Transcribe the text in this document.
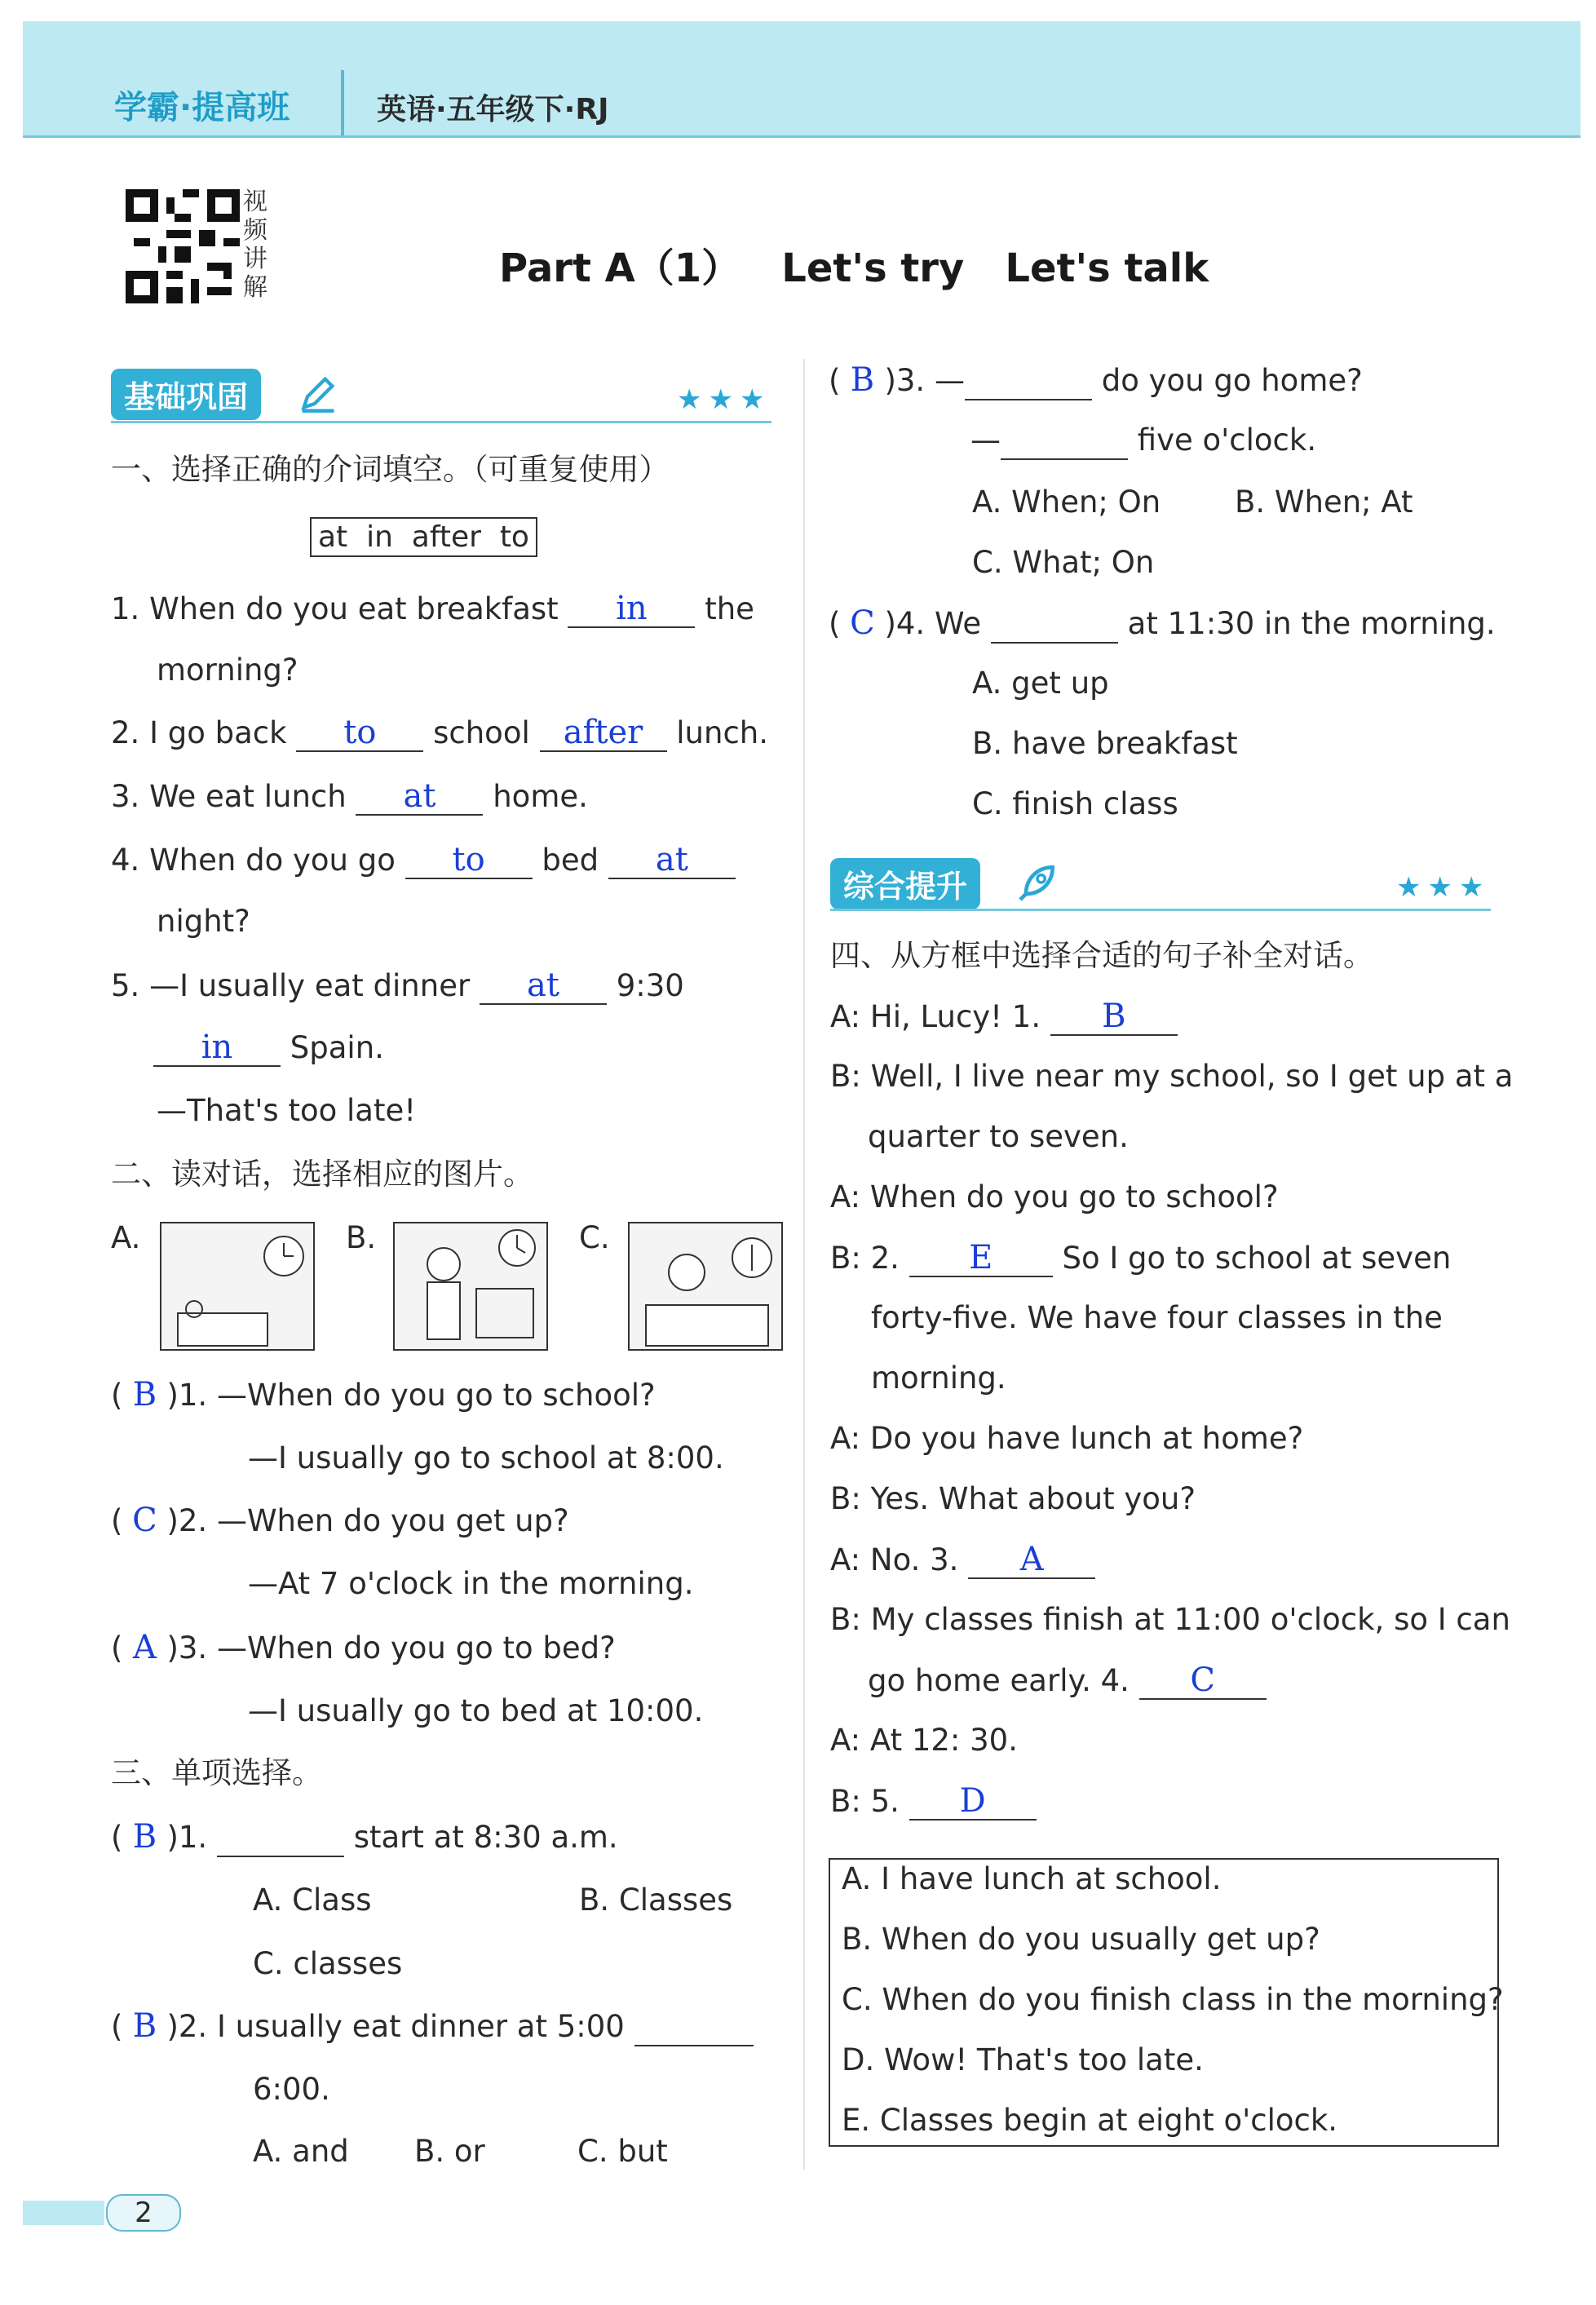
学霸·提高班	英语·五年级下·RJ
视频讲解	Part A（1）   Let's try   Let's talk
基础巩固	★★★
一、选择正确的介词填空。（可重复使用）
at  in  after  to
1. When do you eat breakfast in the
morning?
2. I go back to school after lunch.
3. We eat lunch at home.
4. When do you go to bed at
night?
5. —I usually eat dinner at 9:30
in Spain.
—That's too late!
二、读对话，选择相应的图片。
A.	B.	C.
( B )1. —When do you go to school?
—I usually go to school at 8:00.
( C )2. —When do you get up?
—At 7 o'clock in the morning.
( A )3. —When do you go to bed?
—I usually go to bed at 10:00.
三、单项选择。
( B )1.	start at 8:30 a.m.
A. Class	B. Classes
C. classes
( B )2. I usually eat dinner at 5:00
6:00.
A. and B. or	C. but
( B )3. —	do you go home?
—	five o'clock.
A. When; On B. When; At
C. What; On
( C )4. We	at 11:30 in the morning.
A. get up
B. have breakfast
C. finish class
综合提升	★★★
四、从方框中选择合适的句子补全对话。
A: Hi, Lucy! 1. B
B: Well, I live near my school, so I get up at a
quarter to seven.
A: When do you go to school?
B: 2. E So I go to school at seven
forty-five. We have four classes in the
morning.
A: Do you have lunch at home?
B: Yes. What about you?
A: No. 3. A
B: My classes finish at 11:00 o'clock, so I can
go home early. 4. C
A: At 12: 30.
B: 5. D
A. I have lunch at school.
B. When do you usually get up?
C. When do you finish class in the morning?
D. Wow! That's too late.
E. Classes begin at eight o'clock.
2
